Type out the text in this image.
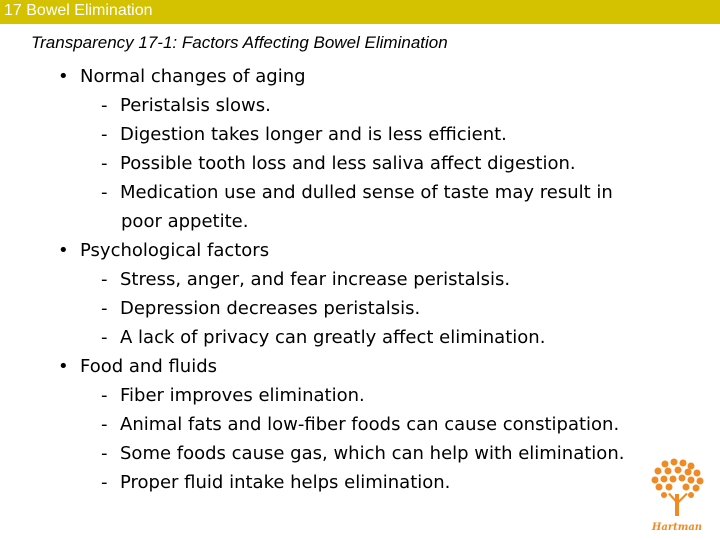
17 Bowel Elimination
Transparency 17-1: Factors Affecting Bowel Elimination
• Normal changes of aging
- Peristalsis slows.
- Digestion takes longer and is less efficient.
- Possible tooth loss and less saliva affect digestion.
- Medication use and dulled sense of taste may result in
poor appetite.
• Psychological factors
- Stress, anger, and fear increase peristalsis.
- Depression decreases peristalsis.
- A lack of privacy can greatly affect elimination.
• Food and fluids
- Fiber improves elimination.
- Animal fats and low-fiber foods can cause constipation.
- Some foods cause gas, which can help with elimination.
- Proper fluid intake helps elimination.
Hartman
